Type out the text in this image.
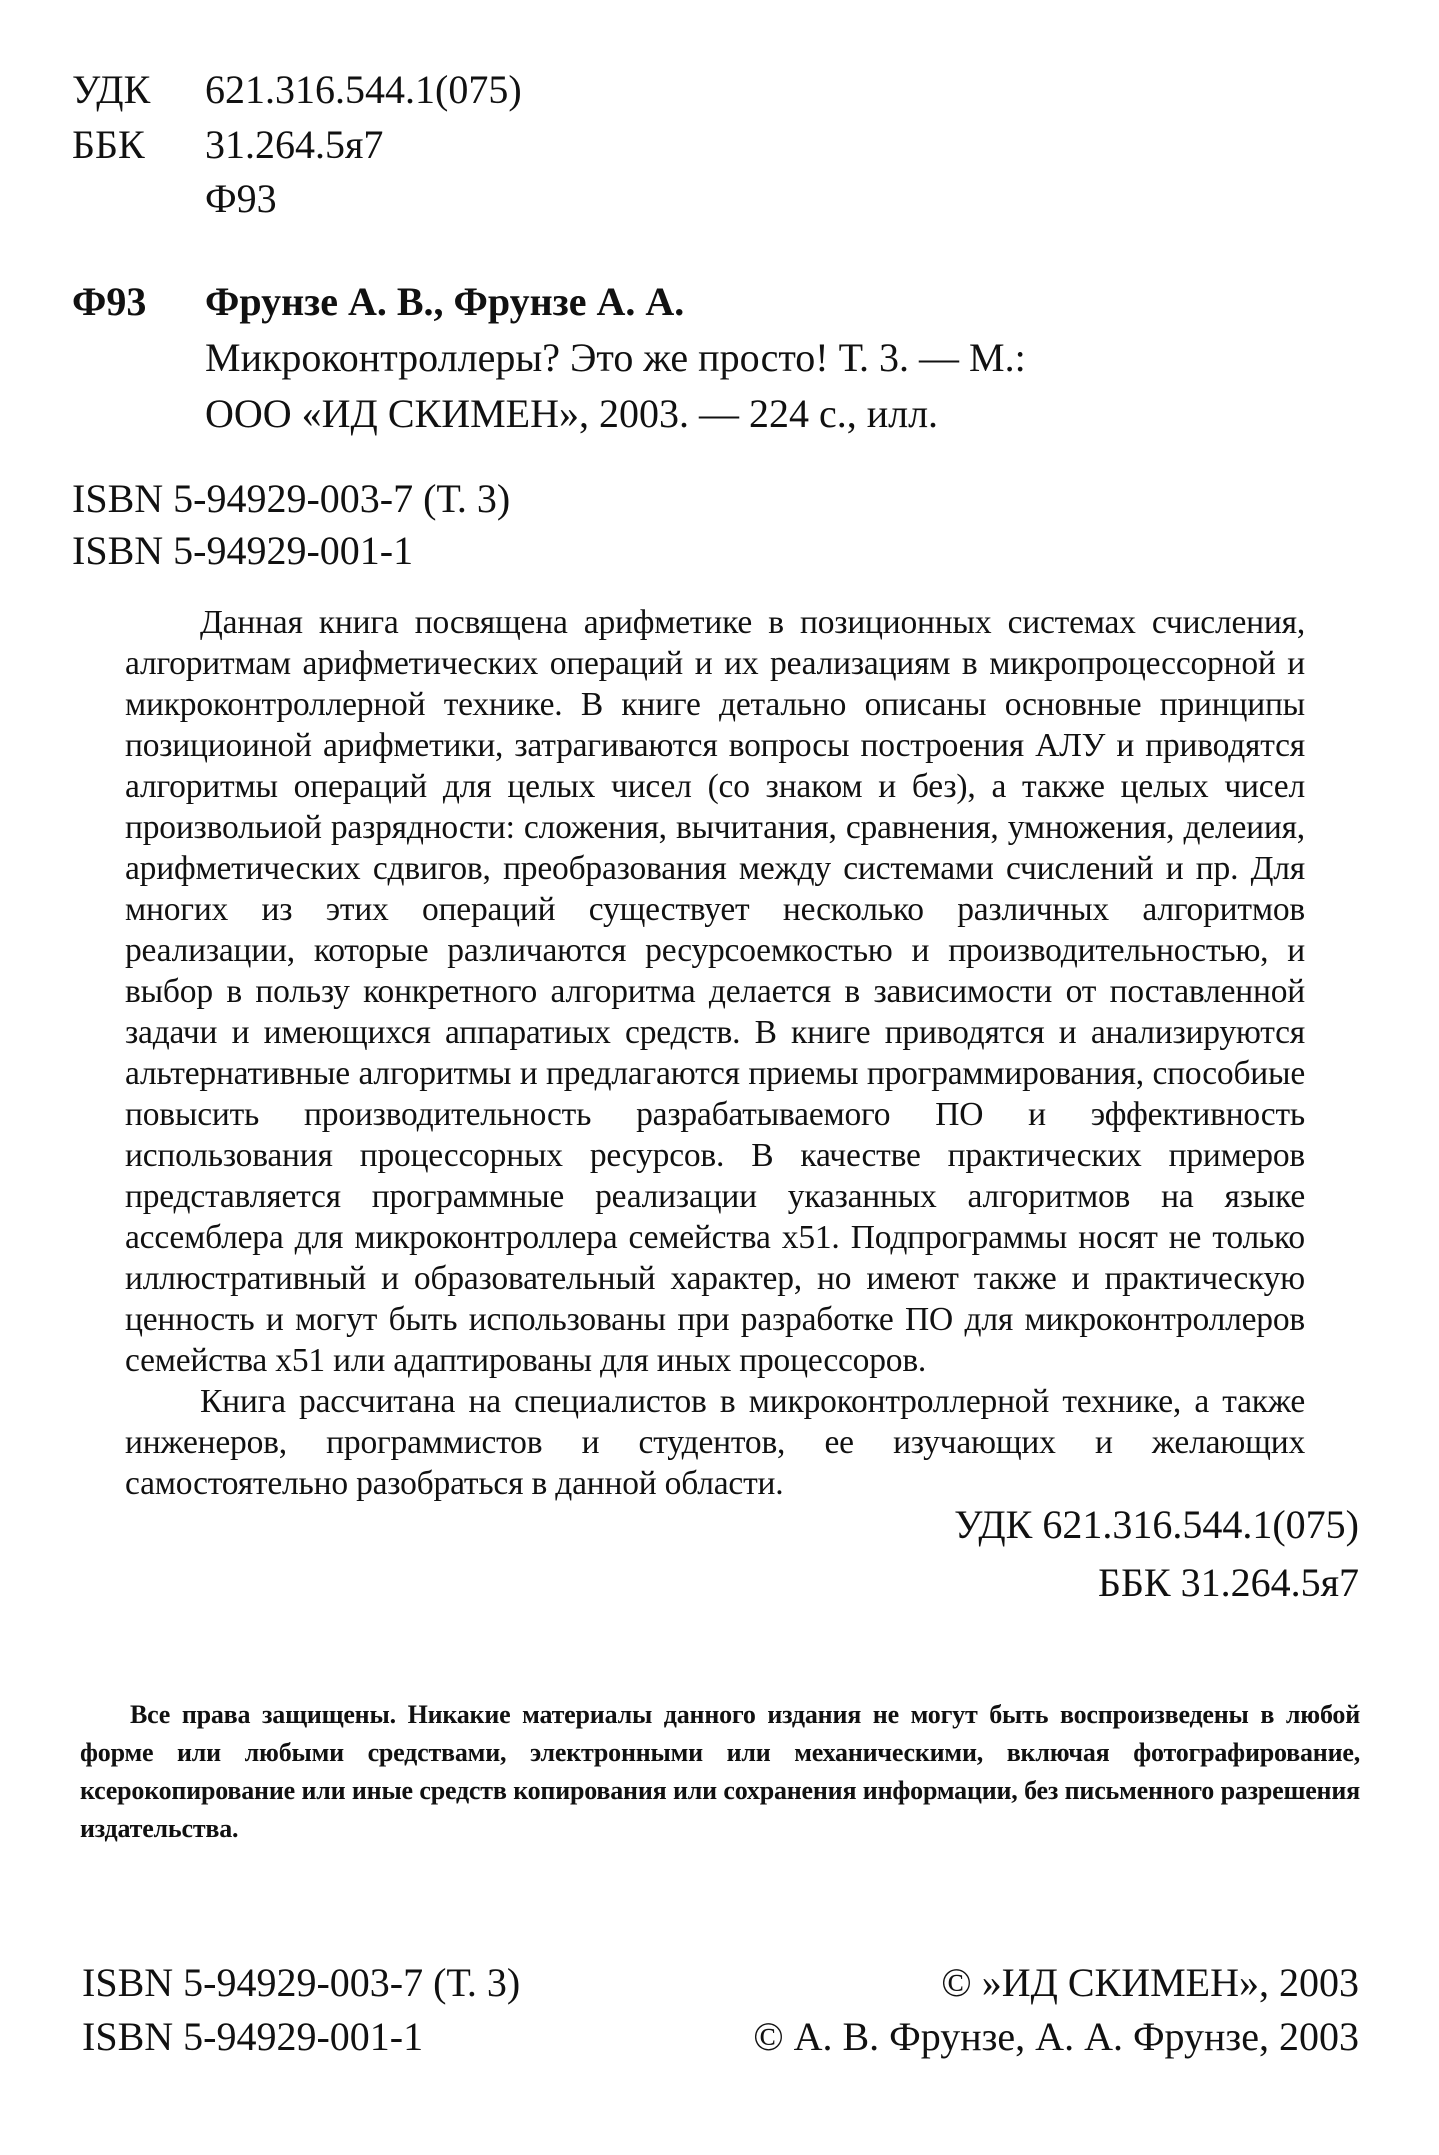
УДК 621.316.544.1(075)
ББК 31.264.5я7
Ф93
Ф93 Фрунзе А. В., Фрунзе А. А.
Микроконтроллеры? Это же просто! Т. 3. — М.:
ООО «ИД СКИМЕН», 2003. — 224 с., илл.
ISBN 5-94929-003-7 (Т. 3)
ISBN 5-94929-001-1

Данная книга посвящена арифметике в позиционных системах счисления, алгоритмам арифметических операций и их реализациям в микропроцессорной и микроконтроллерной технике. В книге детально описаны основные принципы позициоиной арифметики, затрагиваются вопросы построения АЛУ и приводятся алгоритмы операций для целых чисел (со знаком и без), а также целых чисел произвольиой разрядности: сложения, вычитания, сравнения, умножения, делеиия, арифметических сдвигов, преобразования между системами счислений и пр. Для многих из этих операций существует несколько различных алгоритмов реализации, которые различаются ресурсоемкостью и производительностью, и выбор в пользу конкретного алгоритма делается в зависимости от поставленной задачи и имеющихся аппаратиых средств. В книге приводятся и анализируются альтернативные алгоритмы и предлагаются приемы программирования, способиые повысить производительность разрабатываемого ПО и эффективность использования процессорных ресурсов. В качестве практических примеров представляется программные реализации указанных алгоритмов на языке ассемблера для микроконтроллера семейства x51. Подпрограммы носят не только иллюстративный и образовательный характер, но имеют также и практическую ценность и могут быть использованы при разработке ПО для микроконтроллеров семейства x51 или адаптированы для иных процессоров.

Книга рассчитана на специалистов в микроконтроллерной технике, а также инженеров, программистов и студентов, ее изучающих и желающих самостоятельно разобраться в данной области.

УДК 621.316.544.1(075)
ББК 31.264.5я7
Все права защищены. Никакие материалы данного издания не могут быть воспроизведены в любой форме или любыми средствами, электронными или механическими, включая фотографирование, ксерокопирование или иные средств копирования или сохранения информации, без письменного разрешения издательства.
ISBN 5-94929-003-7 (Т. 3)
ISBN 5-94929-001-1
© »ИД СКИМЕН», 2003
© А. В. Фрунзе, А. А. Фрунзе, 2003
